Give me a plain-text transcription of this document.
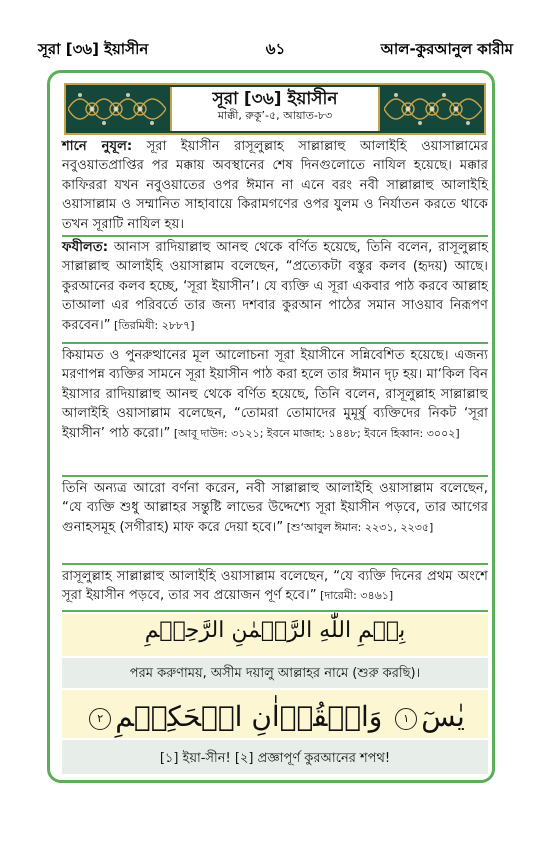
সূরা [৩৬] ইয়াসীন	৬১	আল-কুরআনুল কারীম
সূরা [৩৬] ইয়াসীন
মাক্কী, রুকূ’-৫, আয়াত-৮৩
শানে নুযূল: সূরা ইয়াসীন রাসূলুল্লাহ সাল্লাল্লাহু আলাইহি ওয়াসাল্লামের নবুওয়াতপ্রাপ্তির পর মক্কায় অবস্থানের শেষ দিনগুলোতে নাযিল হয়েছে। মক্কার কাফিররা যখন নবুওয়াতের ওপর ঈমান না এনে বরং নবী সাল্লাল্লাহু আলাইহি ওয়াসাল্লাম ও সম্মানিত সাহাবায়ে কিরামগণের ওপর যুলম ও নির্যাতন করতে থাকে তখন সূরাটি নাযিল হয়।
ফযীলত: আনাস রাদিয়াল্লাহু আনহু থেকে বর্ণিত হয়েছে, তিনি বলেন, রাসূলুল্লাহ সাল্লাল্লাহু আলাইহি ওয়াসাল্লাম বলেছেন, “প্রত্যেকটা বস্তুর কলব (হৃদয়) আছে। কুরআনের কলব হচ্ছে, ‘সূরা ইয়াসীন’। যে ব্যক্তি এ সূরা একবার পাঠ করবে আল্লাহ তাআলা এর পরিবর্তে তার জন্য দশবার কুরআন পাঠের সমান সাওয়াব নিরূপণ করবেন।” [তিরমিযী: ২৮৮৭]
কিয়ামত ও পুনরুত্থানের মূল আলোচনা সূরা ইয়াসীনে সন্নিবেশিত হয়েছে। এজন্য মরণাপন্ন ব্যক্তির সামনে সূরা ইয়াসীন পাঠ করা হলে তার ঈমান দৃঢ় হয়। মা‘কিল বিন ইয়াসার রাদিয়াল্লাহু আনহু থেকে বর্ণিত হয়েছে, তিনি বলেন, রাসূলুল্লাহ সাল্লাল্লাহু আলাইহি ওয়াসাল্লাম বলেছেন, “তোমরা তোমাদের মুমূর্ষু ব্যক্তিদের নিকট ‘সূরা ইয়াসীন’ পাঠ করো।” [আবূ দাউদ: ৩১২১; ইবনে মাজাহ: ১৪৪৮; ইবনে হিব্বান: ৩০০২]
তিনি অন্যত্র আরো বর্ণনা করেন, নবী সাল্লাল্লাহু আলাইহি ওয়াসাল্লাম বলেছেন, “যে ব্যক্তি শুধু আল্লাহর সন্তুষ্টি লাভের উদ্দেশ্যে সূরা ইয়াসীন পড়বে, তার আগের গুনাহসমূহ (সগীরাহ) মাফ করে দেয়া হবে।” [শু‘আবুল ঈমান: ২২৩১, ২২৩৫]
রাসূলুল্লাহ সাল্লাল্লাহু আলাইহি ওয়াসাল্লাম বলেছেন, “যে ব্যক্তি দিনের প্রথম অংশে সূরা ইয়াসীন পড়বে, তার সব প্রয়োজন পূর্ণ হবে।” [দারেমী: ৩৪৬১]
بِسۡمِ اللّٰهِ الرَّحۡمٰنِ الرَّحِیۡمِ
পরম করুণাময়, অসীম দয়ালু আল্লাহর নামে (শুরু করছি)।
یٰسٓ١ وَالۡقُرۡاٰنِ الۡحَکِیۡمِ٢
[১] ইয়া-সীন! [২] প্রজ্ঞাপূর্ণ কুরআনের শপথ!
